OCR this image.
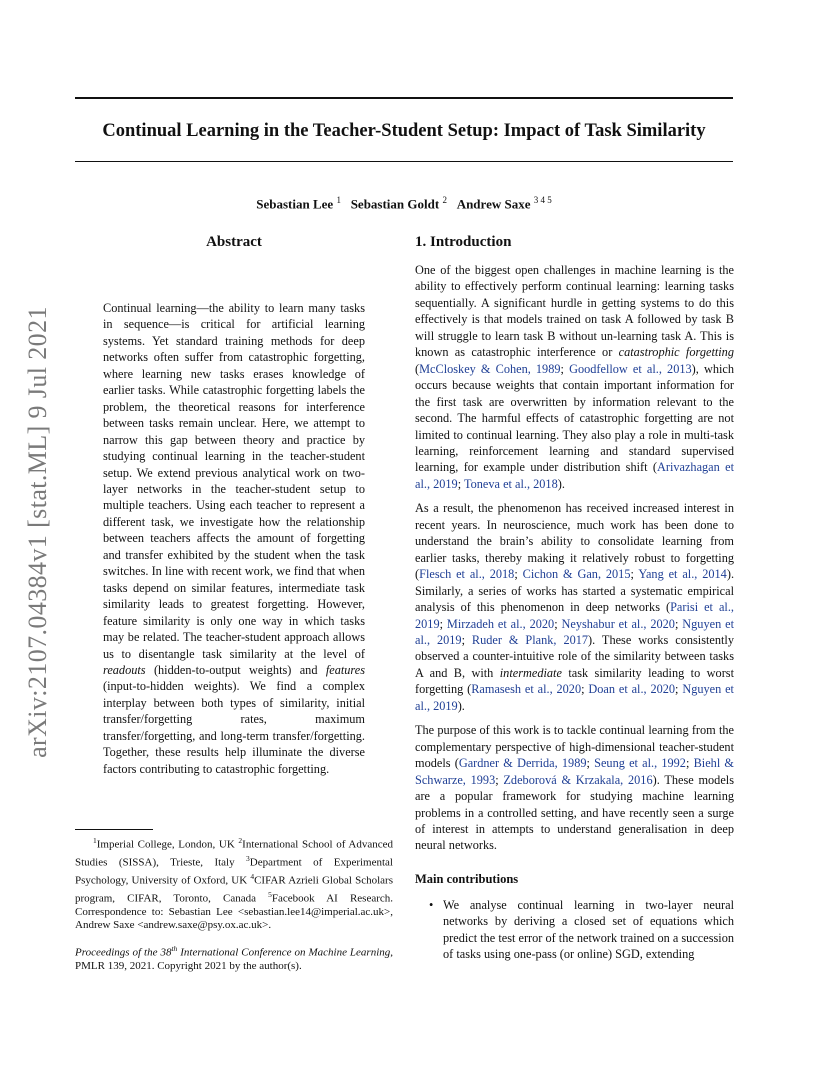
Continual Learning in the Teacher-Student Setup: Impact of Task Similarity
Sebastian Lee $^1$ Sebastian Goldt $^2$ Andrew Saxe $^{3 4 5}$
arXiv:2107.04384v1 [stat.ML] 9 Jul 2021
Abstract

Continual learning—the ability to learn many tasks in sequence—is critical for artificial learning systems. Yet standard training methods for deep networks often suffer from catastrophic forgetting, where learning new tasks erases knowledge of earlier tasks. While catastrophic forgetting labels the problem, the theoretical reasons for interference between tasks remain unclear. Here, we attempt to narrow this gap between theory and practice by studying continual learning in the teacher-student setup. We extend previous analytical work on two-layer networks in the teacher-student setup to multiple teachers. Using each teacher to represent a different task, we investigate how the relationship between teachers affects the amount of forgetting and transfer exhibited by the student when the task switches. In line with recent work, we find that when tasks depend on similar features, intermediate task similarity leads to greatest forgetting. However, feature similarity is only one way in which tasks may be related. The teacher-student approach allows us to disentangle task similarity at the level of readouts (hidden-to-output weights) and features (input-to-hidden weights). We find a complex interplay between both types of similarity, initial transfer/forgetting rates, maximum transfer/forgetting, and long-term transfer/forgetting. Together, these results help illuminate the diverse factors contributing to catastrophic forgetting.

$^1$Imperial College, London, UK $^2$International School of Advanced Studies (SISSA), Trieste, Italy $^3$Department of Experimental Psychology, University of Oxford, UK $^4$CIFAR Azrieli Global Scholars program, CIFAR, Toronto, Canada $^5$Facebook AI Research. Correspondence to: Sebastian Lee <sebastian.lee14@imperial.ac.uk>, Andrew Saxe <andrew.saxe@psy.ox.ac.uk>.

Proceedings of the 38th International Conference on Machine Learning, PMLR 139, 2021. Copyright 2021 by the author(s).

1. Introduction

One of the biggest open challenges in machine learning is the ability to effectively perform continual learning: learning tasks sequentially. A significant hurdle in getting systems to do this effectively is that models trained on task A followed by task B will struggle to learn task B without un-learning task A. This is known as catastrophic interference or catastrophic forgetting (McCloskey & Cohen, 1989; Goodfellow et al., 2013), which occurs because weights that contain important information for the first task are overwritten by information relevant to the second. The harmful effects of catastrophic forgetting are not limited to continual learning. They also play a role in multi-task learning, reinforcement learning and standard supervised learning, for example under distribution shift (Arivazhagan et al., 2019; Toneva et al., 2018).

As a result, the phenomenon has received increased interest in recent years. In neuroscience, much work has been done to understand the brain’s ability to consolidate learning from earlier tasks, thereby making it relatively robust to forgetting (Flesch et al., 2018; Cichon & Gan, 2015; Yang et al., 2014). Similarly, a series of works has started a systematic empirical analysis of this phenomenon in deep networks (Parisi et al., 2019; Mirzadeh et al., 2020; Neyshabur et al., 2020; Nguyen et al., 2019; Ruder & Plank, 2017). These works consistently observed a counter-intuitive role of the similarity between tasks A and B, with intermediate task similarity leading to worst forgetting (Ramasesh et al., 2020; Doan et al., 2020; Nguyen et al., 2019).

The purpose of this work is to tackle continual learning from the complementary perspective of high-dimensional teacher-student models (Gardner & Derrida, 1989; Seung et al., 1992; Biehl & Schwarze, 1993; Zdeborová & Krzakala, 2016). These models are a popular framework for studying machine learning problems in a controlled setting, and have recently seen a surge of interest in attempts to understand generalisation in deep neural networks.

Main contributions
• We analyse continual learning in two-layer neural networks by deriving a closed set of equations which predict the test error of the network trained on a succession of tasks using one-pass (or online) SGD, extending
